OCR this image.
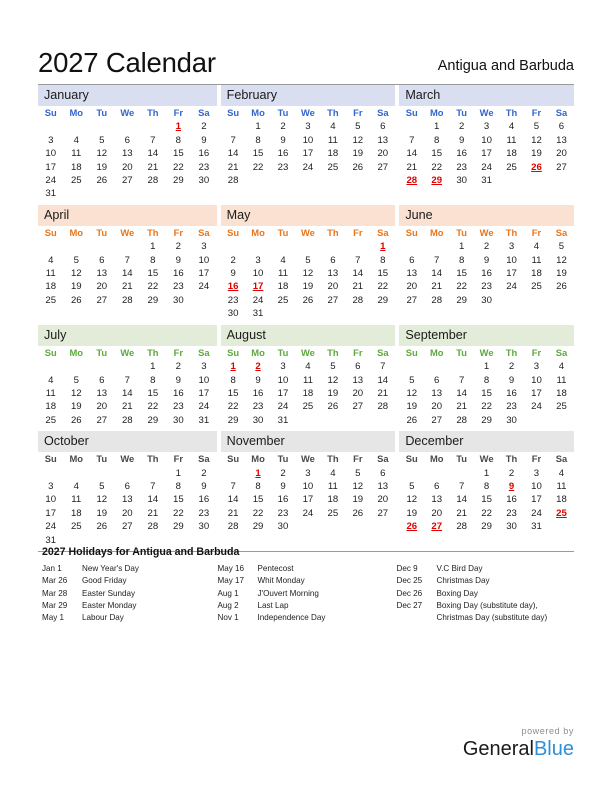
2027 Calendar	Antigua and Barbuda
January
Su	Mo	Tu	We	Th	Fr	Sa
					1	2
3	4	5	6	7	8	9
10	11	12	13	14	15	16
17	18	19	20	21	22	23
24	25	26	27	28	29	30
31						
February
Su	Mo	Tu	We	Th	Fr	Sa
	1	2	3	4	5	6
7	8	9	10	11	12	13
14	15	16	17	18	19	20
21	22	23	24	25	26	27
28						
March
Su	Mo	Tu	We	Th	Fr	Sa
	1	2	3	4	5	6
7	8	9	10	11	12	13
14	15	16	17	18	19	20
21	22	23	24	25	26	27
28	29	30	31			
April
Su	Mo	Tu	We	Th	Fr	Sa
				1	2	3
4	5	6	7	8	9	10
11	12	13	14	15	16	17
18	19	20	21	22	23	24
25	26	27	28	29	30	
May
Su	Mo	Tu	We	Th	Fr	Sa
						1
2	3	4	5	6	7	8
9	10	11	12	13	14	15
16	17	18	19	20	21	22
23	24	25	26	27	28	29
30	31					
June
Su	Mo	Tu	We	Th	Fr	Sa
		1	2	3	4	5
6	7	8	9	10	11	12
13	14	15	16	17	18	19
20	21	22	23	24	25	26
27	28	29	30			
July
Su	Mo	Tu	We	Th	Fr	Sa
				1	2	3
4	5	6	7	8	9	10
11	12	13	14	15	16	17
18	19	20	21	22	23	24
25	26	27	28	29	30	31
August
Su	Mo	Tu	We	Th	Fr	Sa
1	2	3	4	5	6	7
8	9	10	11	12	13	14
15	16	17	18	19	20	21
22	23	24	25	26	27	28
29	30	31				
September
Su	Mo	Tu	We	Th	Fr	Sa
			1	2	3	4
5	6	7	8	9	10	11
12	13	14	15	16	17	18
19	20	21	22	23	24	25
26	27	28	29	30		
October
Su	Mo	Tu	We	Th	Fr	Sa
					1	2
3	4	5	6	7	8	9
10	11	12	13	14	15	16
17	18	19	20	21	22	23
24	25	26	27	28	29	30
31						
November
Su	Mo	Tu	We	Th	Fr	Sa
	1	2	3	4	5	6
7	8	9	10	11	12	13
14	15	16	17	18	19	20
21	22	23	24	25	26	27
28	29	30				
December
Su	Mo	Tu	We	Th	Fr	Sa
			1	2	3	4
5	6	7	8	9	10	11
12	13	14	15	16	17	18
19	20	21	22	23	24	25
26	27	28	29	30	31	
2027 Holidays for Antigua and Barbuda
Jan 1	New Year's Day
Mar 26	Good Friday
Mar 28	Easter Sunday
Mar 29	Easter Monday
May 1	Labour Day
May 16	Pentecost
May 17	Whit Monday
Aug 1	J'Ouvert Morning
Aug 2	Last Lap
Nov 1	Independence Day
Dec 9	V.C Bird Day
Dec 25	Christmas Day
Dec 26	Boxing Day
Dec 27	Boxing Day (substitute day),
Christmas Day (substitute day)
powered by
GeneralBlue
